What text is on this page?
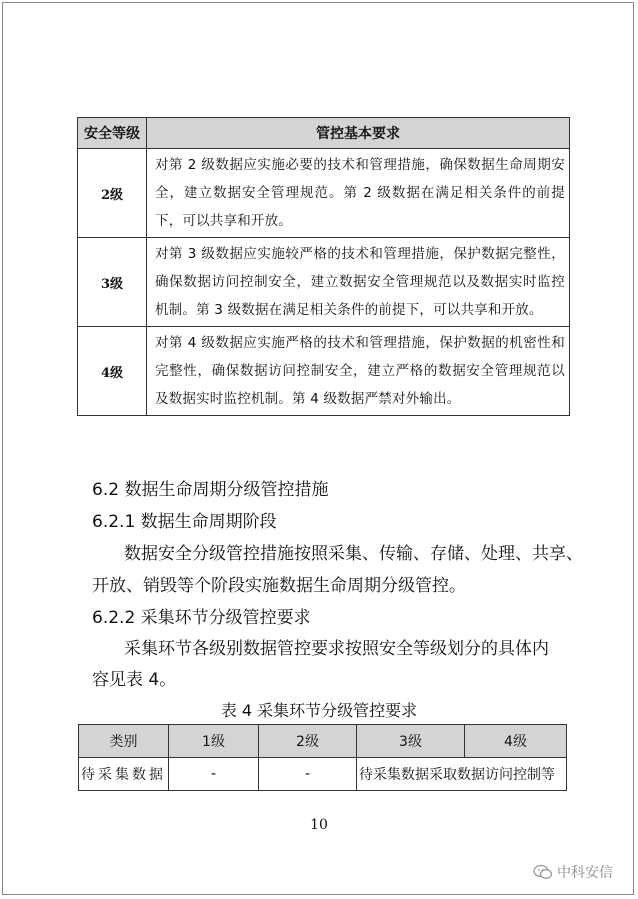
安全等级	管控基本要求
2级	对第 2 级数据应实施必要的技术和管理措施，确保数据生命周期安全，建立数据安全管理规范。第 2 级数据在满足相关条件的前提下，可以共享和开放。
3级	对第 3 级数据应实施较严格的技术和管理措施，保护数据完整性，确保数据访问控制安全，建立数据安全管理规范以及数据实时监控机制。第 3 级数据在满足相关条件的前提下，可以共享和开放。
4级	对第 4 级数据应实施严格的技术和管理措施，保护数据的机密性和完整性，确保数据访问控制安全，建立严格的数据安全管理规范以及数据实时监控机制。第 4 级数据严禁对外输出。
6.2 数据生命周期分级管控措施
6.2.1 数据生命周期阶段
数据安全分级管控措施按照采集、传输、存储、处理、共享、
开放、销毁等个阶段实施数据生命周期分级管控。
6.2.2 采集环节分级管控要求
采集环节各级别数据管控要求按照安全等级划分的具体内
容见表 4。
表 4 采集环节分级管控要求
类别	1级	2级	3级	4级
待采集数据	-	-	待采集数据采取数据访问控制等	
10
中科安信
